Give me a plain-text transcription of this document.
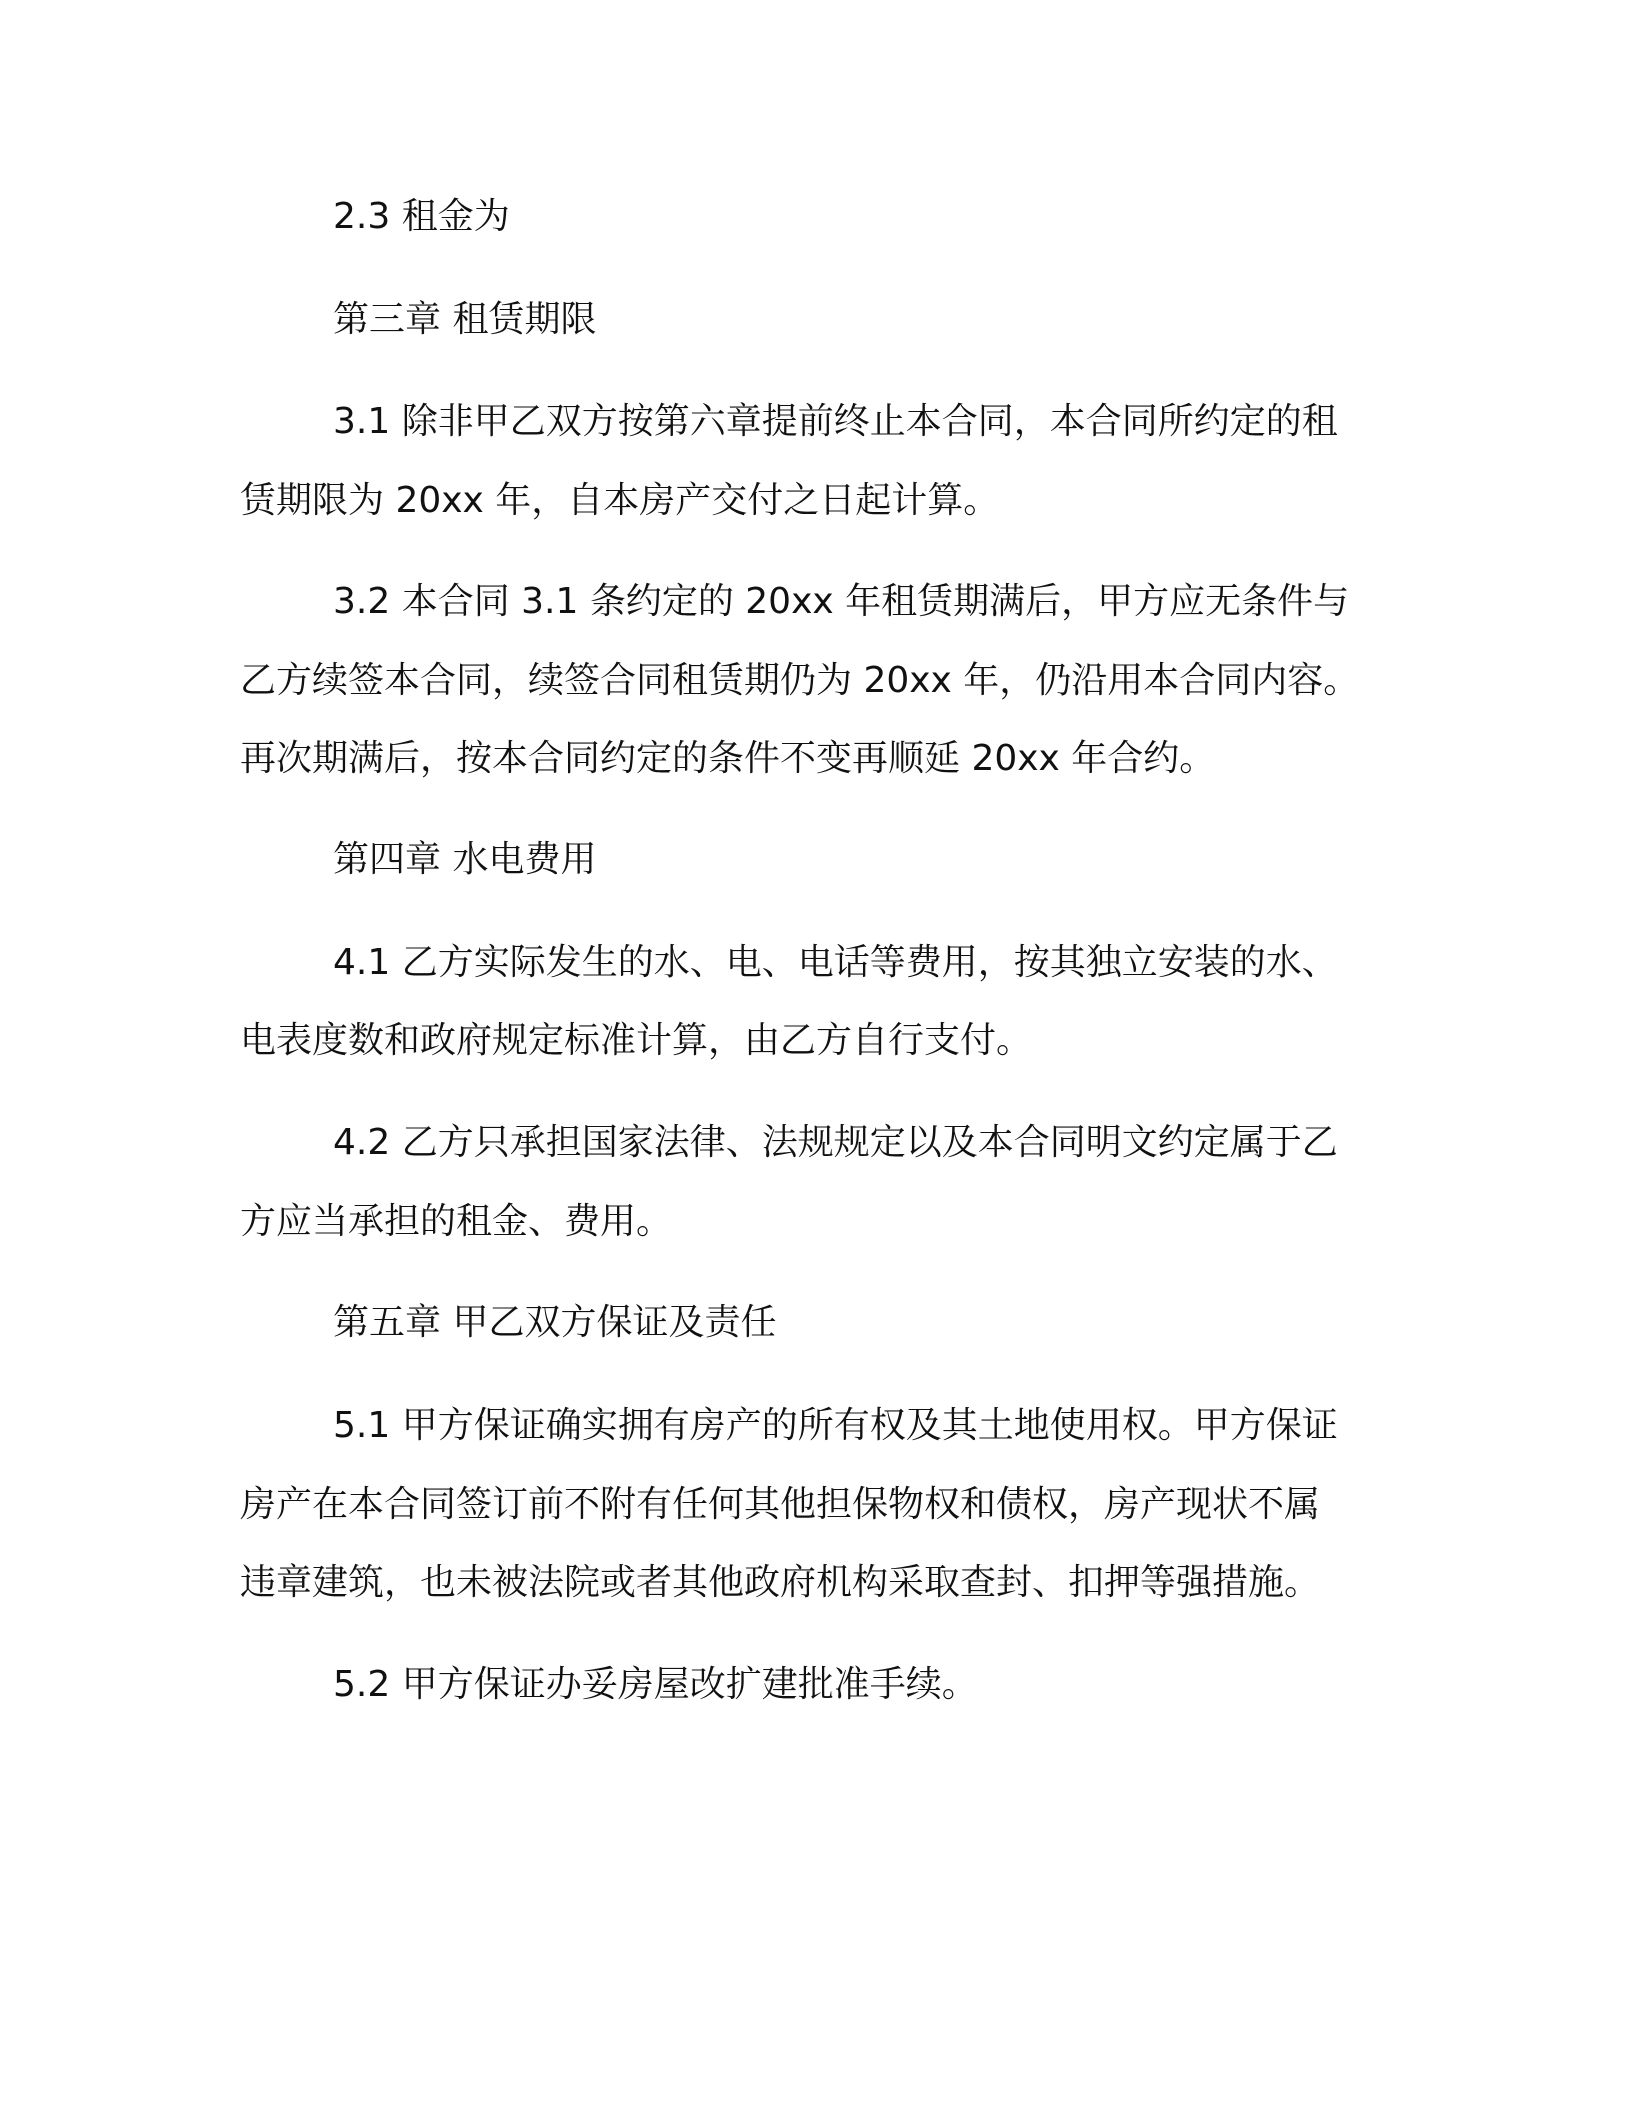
2.3 租金为
第三章 租赁期限
3.1 除非甲乙双方按第六章提前终止本合同，本合同所约定的租
赁期限为 20xx 年，自本房产交付之日起计算。
3.2 本合同 3.1 条约定的 20xx 年租赁期满后，甲方应无条件与
乙方续签本合同，续签合同租赁期仍为 20xx 年，仍沿用本合同内容。
再次期满后，按本合同约定的条件不变再顺延 20xx 年合约。
第四章 水电费用
4.1 乙方实际发生的水、电、电话等费用，按其独立安装的水、
电表度数和政府规定标准计算，由乙方自行支付。
4.2 乙方只承担国家法律、法规规定以及本合同明文约定属于乙
方应当承担的租金、费用。
第五章 甲乙双方保证及责任
5.1 甲方保证确实拥有房产的所有权及其土地使用权。甲方保证
房产在本合同签订前不附有任何其他担保物权和债权，房产现状不属
违章建筑，也未被法院或者其他政府机构采取查封、扣押等强措施。
5.2 甲方保证办妥房屋改扩建批准手续。
